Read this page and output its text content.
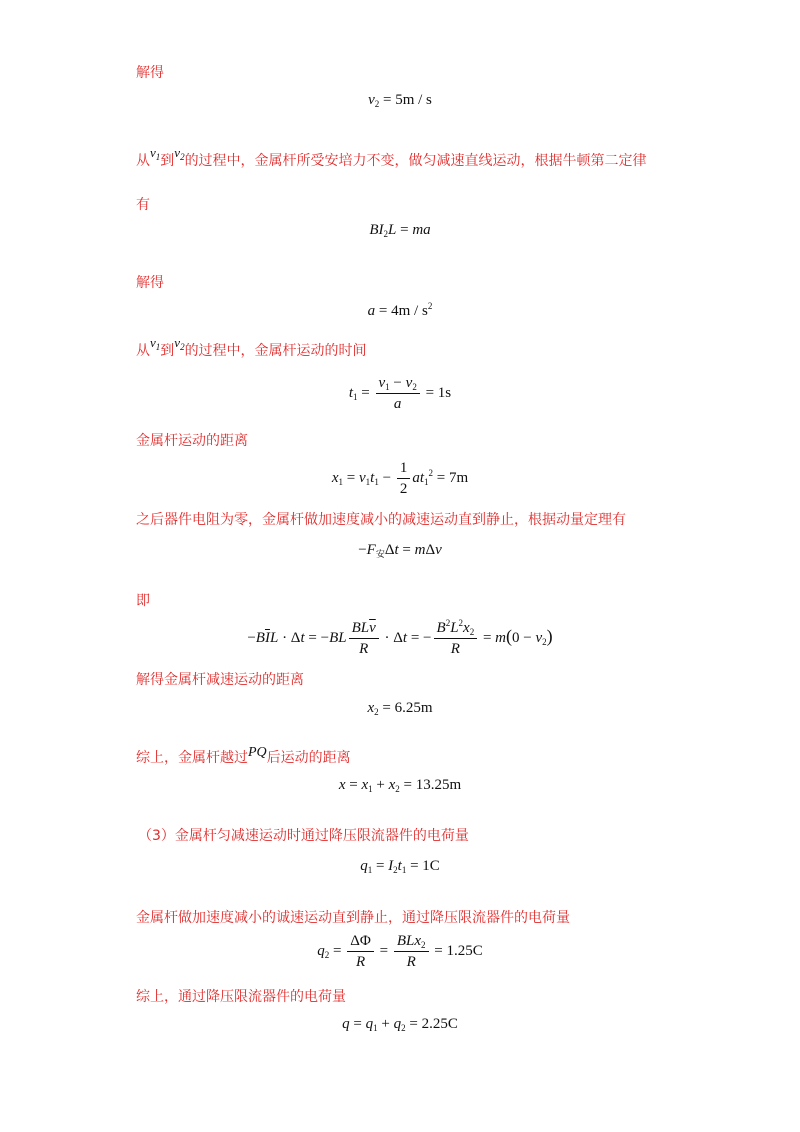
解得
$v_2 = 5m / s$
从$v_1$到$v_2$的过程中，金属杆所受安培力不变，做匀减速直线运动，根据牛顿第二定律
有
$BI_2L$ = ma
解得
$a = 4m / s^2$
从$v_1$到$v_2$的过程中，金属杆运动的时间
$t_1 = \frac{v_1 - v_2}{a} = 1s$
金属杆运动的距离
$x_1 = v_1t_1 - \frac{1}{2} at_1^2 = 7m$
之后器件电阻为零，金属杆做加速度减小的减速运动直到静止，根据动量定理有
$-F_安\Delta t = m\Delta v$
即
$-B\overline{I}L \cdot \Delta t = -BL \frac{BL\overline{v}}{R} \cdot \Delta t$ = − $\frac{B^2L^2x_2}{R} = m(0 - v_2)$
解得金属杆减速运动的距离
$x_2 = 6.25m$
综上，金属杆越过PQ后运动的距离
$x = x_1 + x_2 = 13.25m$
（3）金属杆匀减速运动时通过降压限流器件的电荷量
$q_1 = I_2t_1 = 1C$
金属杆做加速度减小的诚速运动直到静止，通过降压限流器件的电荷量
$q_2 = \frac{\Delta\Phi}{R} = \frac{BLx_2}{R} = 1.25C$
综上，通过降压限流器件的电荷量
$q = q_1 + q_2 = 2.25C$
